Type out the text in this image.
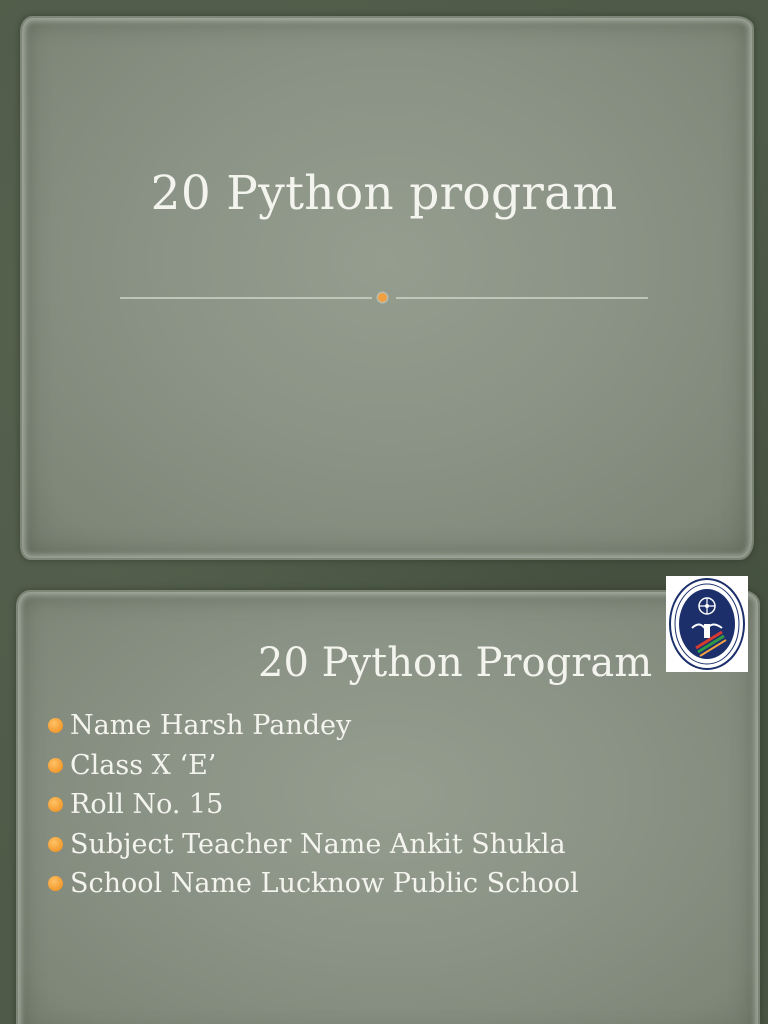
20 Python program
20 Python Program
Name Harsh Pandey
Class X ‘E’
Roll No. 15
Subject Teacher Name Ankit Shukla
School Name Lucknow Public School
